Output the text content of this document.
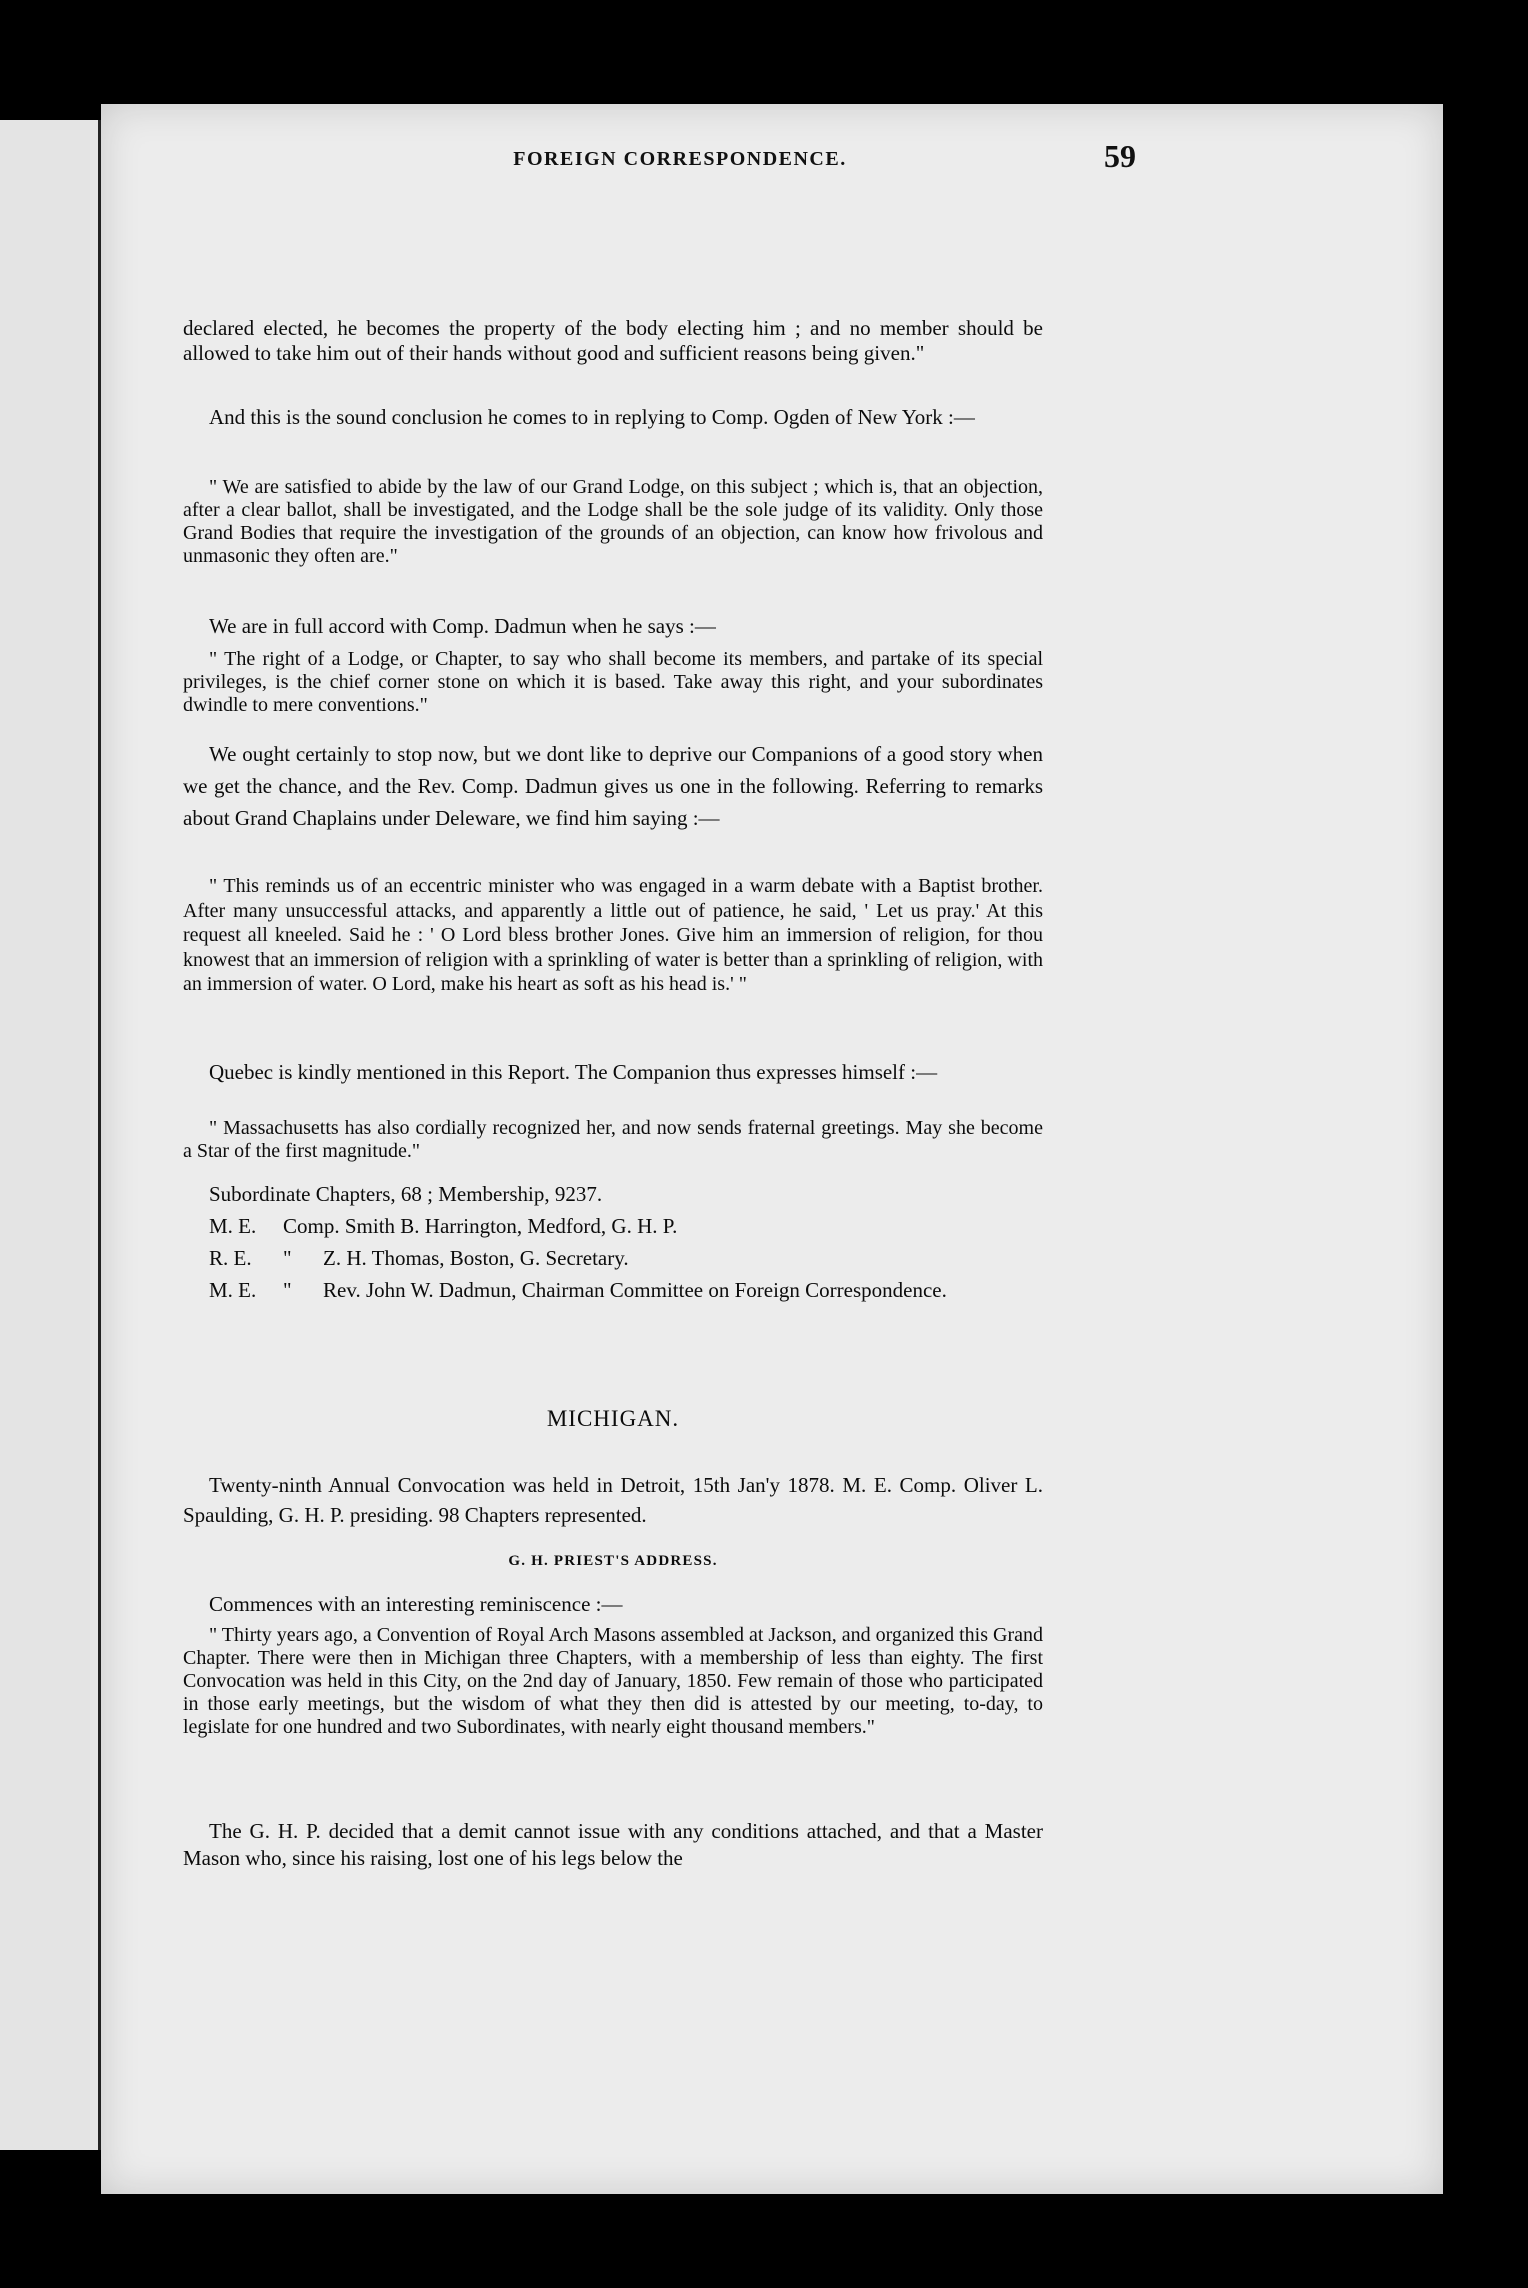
FOREIGN CORRESPONDENCE.	59

declared elected, he becomes the property of the body electing him ; and no member should be allowed to take him out of their hands without good and sufficient reasons being given."

And this is the sound conclusion he comes to in replying to Comp. Ogden of New York :—

" We are satisfied to abide by the law of our Grand Lodge, on this subject ; which is, that an objection, after a clear ballot, shall be investigated, and the Lodge shall be the sole judge of its validity. Only those Grand Bodies that require the investigation of the grounds of an objection, can know how frivolous and unmasonic they often are."

We are in full accord with Comp. Dadmun when he says :—

" The right of a Lodge, or Chapter, to say who shall become its members, and partake of its special privileges, is the chief corner stone on which it is based. Take away this right, and your subordinates dwindle to mere conventions."

We ought certainly to stop now, but we dont like to deprive our Companions of a good story when we get the chance, and the Rev. Comp. Dadmun gives us one in the following. Referring to remarks about Grand Chaplains under Deleware, we find him saying :—

" This reminds us of an eccentric minister who was engaged in a warm debate with a Baptist brother. After many unsuccessful attacks, and apparently a little out of patience, he said, ' Let us pray.' At this request all kneeled. Said he : ' O Lord bless brother Jones. Give him an immersion of religion, for thou knowest that an immersion of religion with a sprinkling of water is better than a sprinkling of religion, with an immersion of water. O Lord, make his heart as soft as his head is.' "

Quebec is kindly mentioned in this Report. The Companion thus expresses himself :—

" Massachusetts has also cordially recognized her, and now sends fraternal greetings. May she become a Star of the first magnitude."

Subordinate Chapters, 68 ; Membership, 9237.

M. E.	Comp. Smith B. Harrington, Medford, G. H. P.
R. E.	"	Z. H. Thomas, Boston, G. Secretary.
M. E.	"	Rev. John W. Dadmun, Chairman Committee on Foreign Correspondence.
MICHIGAN.

Twenty-ninth Annual Convocation was held in Detroit, 15th Jan'y 1878. M. E. Comp. Oliver L. Spaulding, G. H. P. presiding. 98 Chapters represented.

G. H. PRIEST'S ADDRESS.

Commences with an interesting reminiscence :—

" Thirty years ago, a Convention of Royal Arch Masons assembled at Jackson, and organized this Grand Chapter. There were then in Michigan three Chapters, with a membership of less than eighty. The first Convocation was held in this City, on the 2nd day of January, 1850. Few remain of those who participated in those early meetings, but the wisdom of what they then did is attested by our meeting, to-day, to legislate for one hundred and two Subordinates, with nearly eight thousand members."

The G. H. P. decided that a demit cannot issue with any conditions attached, and that a Master Mason who, since his raising, lost one of his legs below the
